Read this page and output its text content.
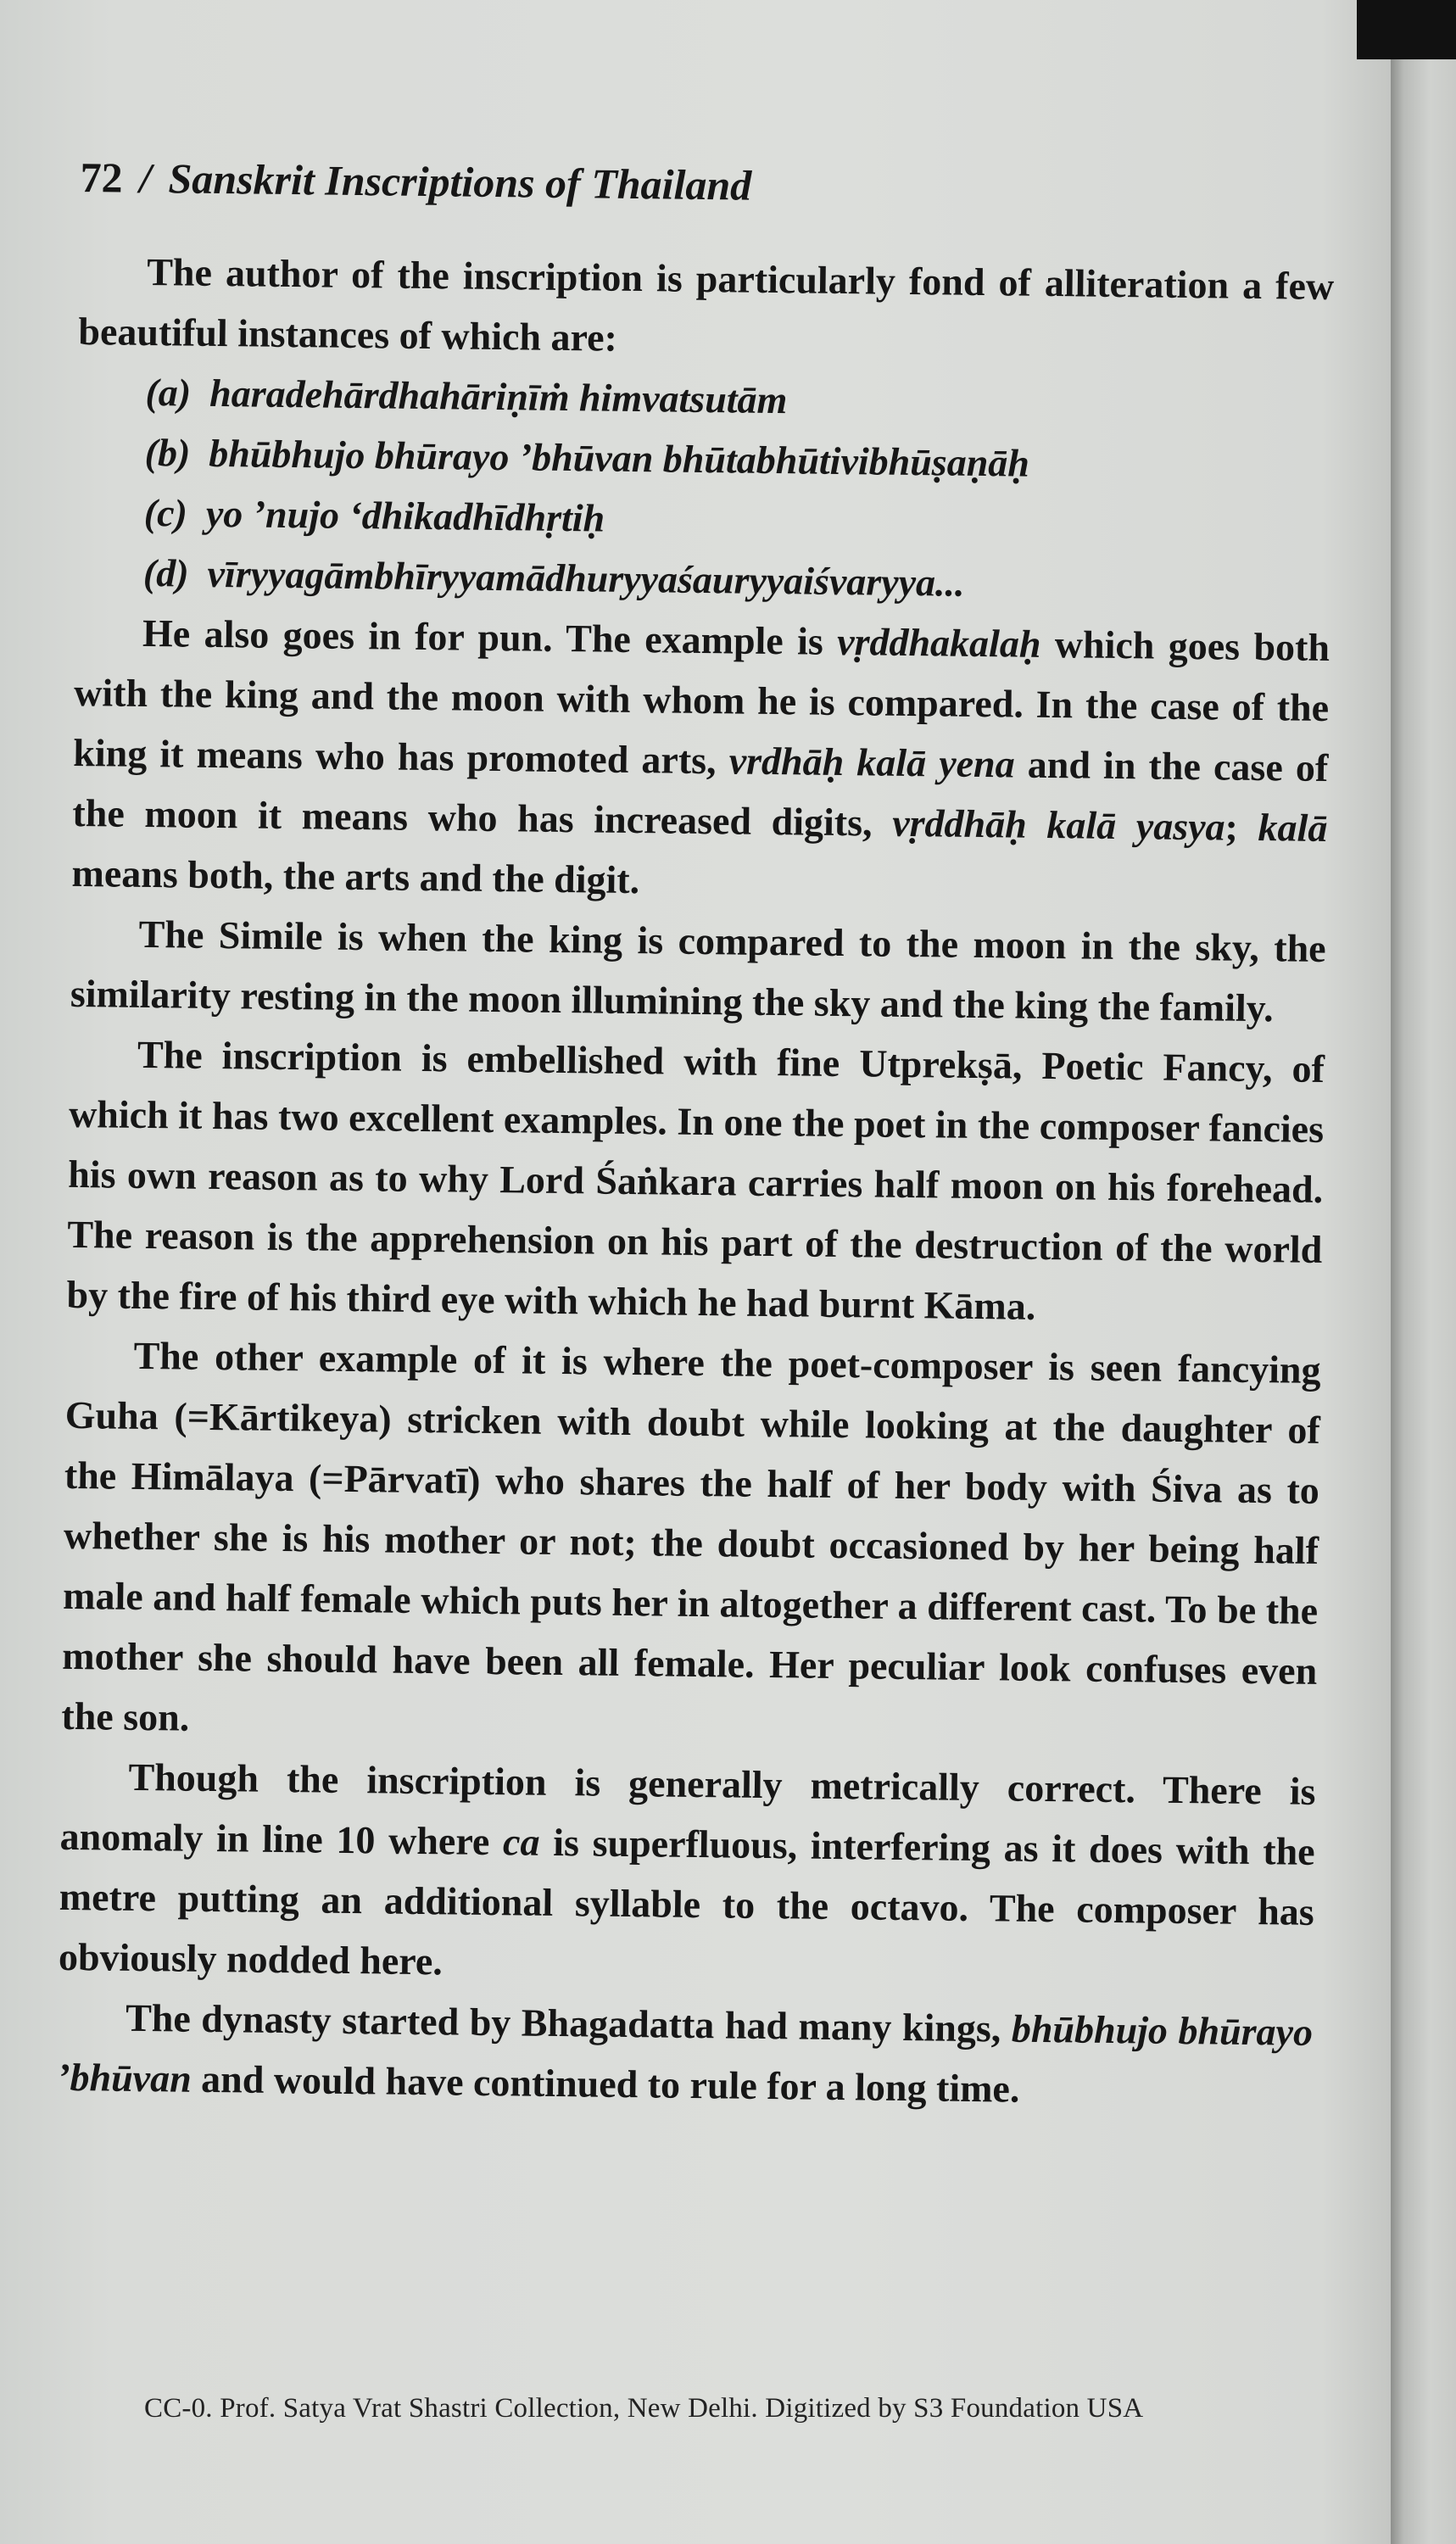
72 / Sanskrit Inscriptions of Thailand

The author of the inscription is particularly fond of alliteration a few beautiful instances of which are:

(a) haradehārdhahāriṇīṁ himvatsutām
(b) bhūbhujo bhūrayo ’bhūvan bhūtabhūtivibhūṣaṇāḥ
(c) yo ’nujo ‘dhikadhīdhṛtiḥ
(d) vīryyagāmbhīryyamādhuryyaśauryyaiśvaryya...

He also goes in for pun. The example is vṛddhakalaḥ which goes both with the king and the moon with whom he is compared. In the case of the king it means who has promoted arts, vrdhāḥ kalā yena and in the case of the moon it means who has increased digits, vṛddhāḥ kalā yasya; kalā means both, the arts and the digit.

The Simile is when the king is compared to the moon in the sky, the similarity resting in the moon illumining the sky and the king the family.

The inscription is embellished with fine Utprekṣā, Poetic Fancy, of which it has two excellent examples. In one the poet in the composer fancies his own reason as to why Lord Śaṅkara carries half moon on his forehead. The reason is the apprehension on his part of the destruction of the world by the fire of his third eye with which he had burnt Kāma.

The other example of it is where the poet-composer is seen fancying Guha (=Kārtikeya) stricken with doubt while looking at the daughter of the Himālaya (=Pārvatī) who shares the half of her body with Śiva as to whether she is his mother or not; the doubt occasioned by her being half male and half female which puts her in altogether a different cast. To be the mother she should have been all female. Her peculiar look confuses even the son.

Though the inscription is generally metrically correct. There is anomaly in line 10 where ca is superfluous, interfering as it does with the metre putting an additional syllable to the octavo. The composer has obviously nodded here.

The dynasty started by Bhagadatta had many kings, bhūbhujo bhūrayo ’bhūvan and would have continued to rule for a long time.

CC-0. Prof. Satya Vrat Shastri Collection, New Delhi. Digitized by S3 Foundation USA
